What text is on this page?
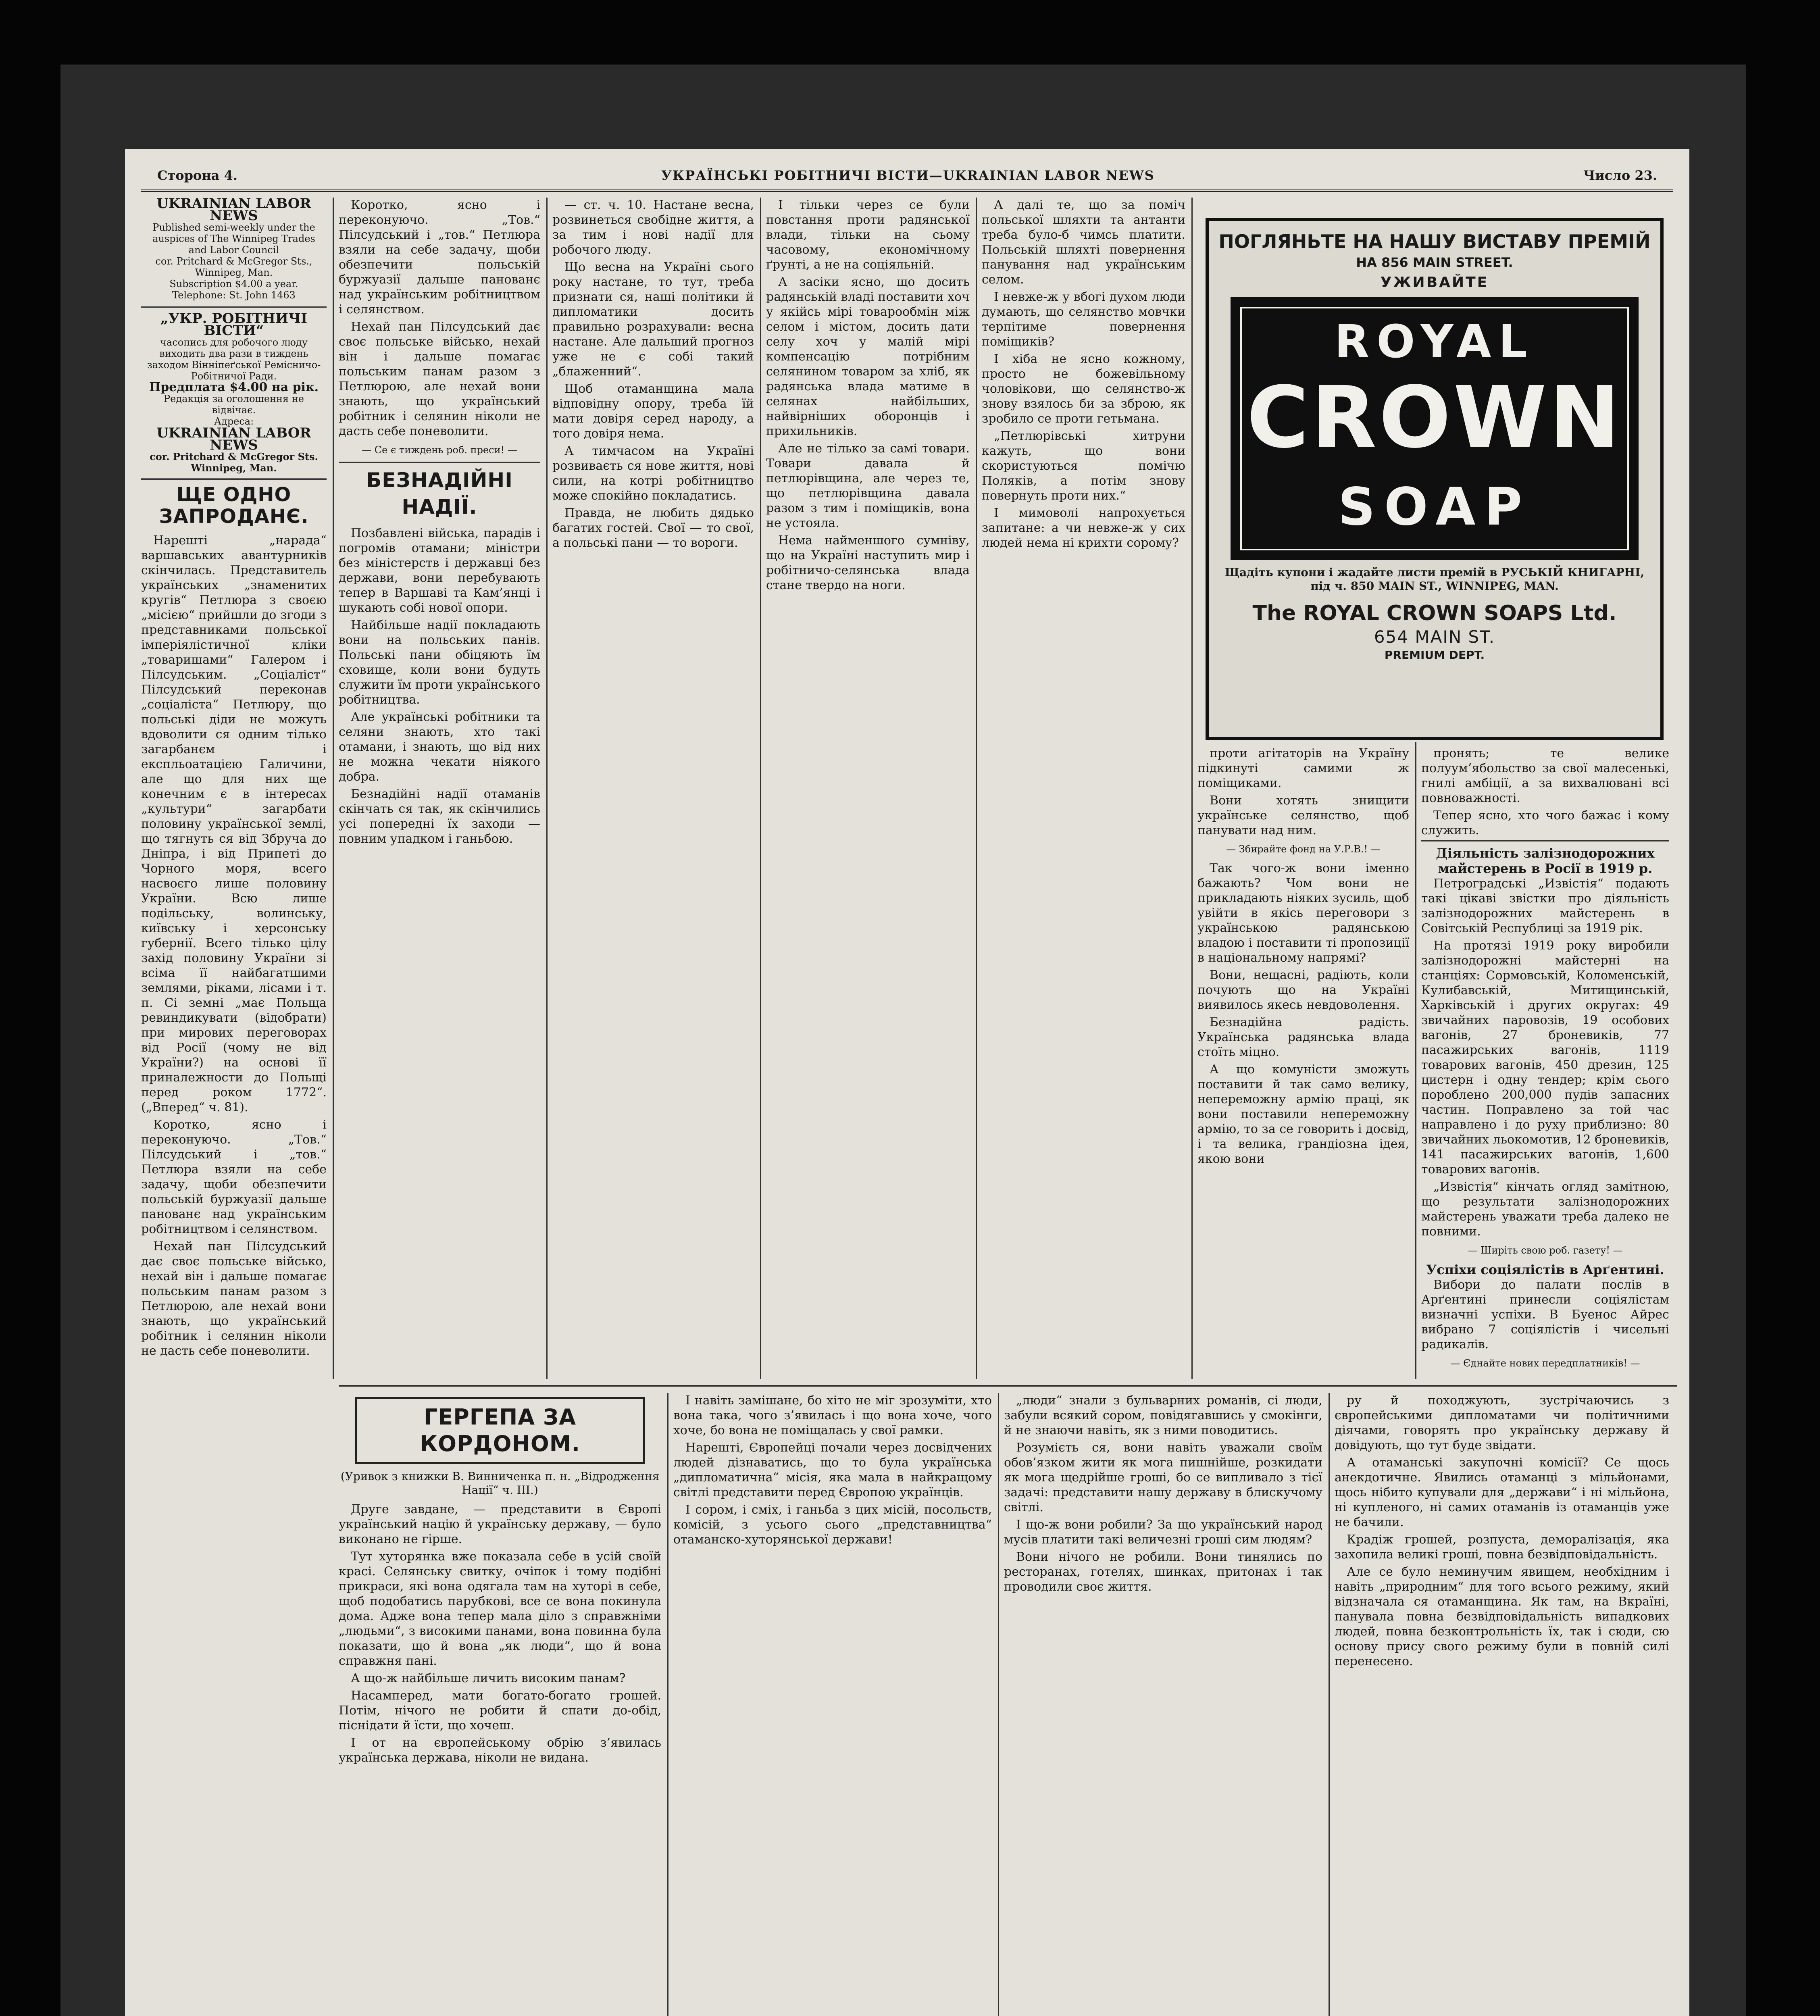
Сторона 4.	УКРАЇНСЬКІ РОБІТНИЧІ ВІСТИ—UKRAINIAN LABOR NEWS	Число 23.
UKRAINIAN LABOR NEWS
Published semi-weekly under the
auspices of The Winnipeg Trades
and Labor Council
cor. Pritchard & McGregor Sts.,
Winnipeg, Man.
Subscription $4.00 a year.
Telephone: St. John 1463
„УКР. РОБІТНИЧІ ВІСТИ“
часопись для робочого люду
виходить два рази в тиждень
заходом Вінніпеґської Ремісничо-
Робітничої Ради.
Предплата $4.00 на рік.
Редакція за оголошення не відвічає.
Адреса:
UKRAINIAN LABOR NEWS
cor. Pritchard & McGregor Sts.
Winnipeg, Man.
ЩЕ ОДНО ЗАПРОДАНЄ.

Нарешті „нарада“ варшавських авантурників скінчилась. Представитель українських „знаменитих кругів“ Петлюра з своєю „місією“ прийшли до згоди з представниками польської імперіялістичної кліки „товаришами“ Галером і Пілсудським. „Соціаліст“ Пілсудський переконав „соціаліста“ Петлюру, що польські діди не можуть вдоволити ся одним тілько загарбанєм і експльоатацією Галичини, але що для них ще конечним є в інтересах „культури“ загарбати половину української землі, що тягнуть ся від Збруча до Дніпра, і від Припеті до Чорного моря, всего насвоєго лише половину України. Всю лише подільську, волинську, київську і херсонську губернії. Всего тілько цілу захід половину України зі всіма її найбагатшими землями, ріками, лісами і т. п. Сі земні „має Польща ревиндикувати (відобрати) при мирових переговорах від Росії (чому не від України?) на основі її приналежности до Польщі перед роком 1772“. („Вперед“ ч. 81).

Коротко, ясно і переконуючо. „Тов.“ Пілсудський і „тов.“ Петлюра взяли на себе задачу, щоби обезпечити польській буржуазії дальше панованє над українським робітництвом і селянством.

Нехай пан Пілсудський дає своє польське військо, нехай він і дальше помагає польським панам разом з Петлюрою, але нехай вони знають, що український робітник і селянин ніколи не дасть себе поневолити.

Коротко, ясно і переконуючо. „Тов.“ Пілсудський і „тов.“ Петлюра взяли на себе задачу, щоби обезпечити польській буржуазії дальше панованє над українським робітництвом і селянством.

Нехай пан Пілсудський дає своє польське військо, нехай він і дальше помагає польським панам разом з Петлюрою, але нехай вони знають, що український робітник і селянин ніколи не дасть себе поневолити.

— Се є тиждень роб. преси! —
БЕЗНАДІЙНІ НАДІЇ.

Позбавлені війська, парадів і погромів отамани; міністри без міністерств і державці без держави, вони перебувають тепер в Варшаві та Кам’янці і шукають собі нової опори.

Найбільше надії покладають вони на польських панів. Польські пани обіцяють їм сховище, коли вони будуть служити їм проти українського робітництва.

Але українські робітники та селяни знають, хто такі отамани, і знають, що від них не можна чекати ніякого добра.

Безнадійні надії отаманів скінчать ся так, як скінчились усі попередні їх заходи — повним упадком і ганьбою.

— ст. ч. 10. Настане весна, розвинеться свобідне життя, а за тим і нові надії для робочого люду.

Що весна на Україні сього року настане, то тут, треба признати ся, наші політики й дипломатики досить правильно розрахували: весна настане. Але дальший прогноз уже не є собі такий „блаженний“.

Щоб отаманщина мала відповідну опору, треба їй мати довіря серед народу, а того довіря нема.

А тимчасом на Україні розвиваєть ся нове життя, нові сили, на котрі робітництво може спокійно покладатись.

Правда, не любить дядько багатих гостей. Свої — то свої, а польські пани — то вороги.

І тільки через се були повстання проти радянської влади, тільки на сьому часовому, економічному ґрунті, а не на соціяльній.

А засіки ясно, що досить радянській владі поставити хоч у якійсь мірі товарообмін між селом і містом, досить дати селу хоч у малій мірі компенсацію потрібним селянином товаром за хліб, як радянська влада матиме в селянах найбільших, найвірніших оборонців і прихильників.

Але не тілько за самі товари. Товари давала й петлюрівщина, але через те, що петлюрівщина давала разом з тим і поміщиків, вона не устояла.

Нема найменшого сумніву, що на Україні наступить мир і робітничо-селянська влада стане твердо на ноги.

А далі те, що за поміч польської шляхти та антанти треба було-б чимсь платити. Польській шляхті повернення панування над українським селом.

І невже-ж у вбогі духом люди думають, що селянство мовчки терпітиме повернення поміщиків?

І хіба не ясно кожному, просто не божевільному чоловікови, що селянство-ж знову взялось би за зброю, як зробило се проти гетьмана.

„Петлюрівські хитруни кажуть, що вони скористуються помічю Поляків, а потім знову повернуть проти них.“

І мимоволі напрохується запитане: а чи невже-ж у сих людей нема ні крихти сорому?

ПОГЛЯНЬТЕ НА НАШУ ВИСТАВУ ПРЕМІЙ
НА 856 MAIN STREET.
УЖИВАЙТЕ
ROYAL
CROWN
SOAP
Щадіть купони і жадайте листи премій в РУСЬКІЙ КНИГАРНІ, під ч. 850 MAIN ST., WINNIPEG, MAN.
The ROYAL CROWN SOAPS Ltd.
654 MAIN ST.
PREMIUM DEPT.

проти агітаторів на Україну підкинуті самими ж поміщиками.

Вони хотять знищити українське селянство, щоб панувати над ним.

— Збирайте фонд на У.Р.В.! —

Так чого-ж вони іменно бажають? Чом вони не прикладають ніяких зусиль, щоб увійти в якісь переговори з українською радянською владою і поставити ті пропозиції в національному напрямі?

Вони, нещасні, радіють, коли почують що на Україні виявилось якесь невдоволення.

Безнадійна радість. Українська радянська влада стоїть міцно.

А що комуністи зможуть поставити й так само велику, непереможну армію праці, як вони поставили непереможну армію, то за се говорить і досвід, і та велика, грандіозна ідея, якою вони

пронять; те велике полуум’ябольство за свої малесенькі, гнилі амбіції, а за вихвалювані всі повноважності.

Тепер ясно, хто чого бажає і кому служить.

Діяльність залізнодорожних майстерень в Росії в 1919 р.

Петроградські „Извістія“ подають такі цікаві звістки про діяльність залізнодорожних майстерень в Совітській Республиці за 1919 рік.

На протязі 1919 року виробили залізнодорожні майстерні на станціях: Сормовській, Коломенській, Кулибавській, Митищинській, Харківській і других округах: 49 звичайних паровозів, 19 особових вагонів, 27 броневиків, 77 пасажирських вагонів, 1119 товарових вагонів, 450 дрезин, 125 цистерн і одну тендер; крім сього пороблено 200,000 пудів запасних частин. Поправлено за той час направлено і до руху приблизно: 80 звичайних льокомотив, 12 броневиків, 141 пасажирських вагонів, 1,600 товарових вагонів.

„Извістія“ кінчать огляд замітною, що результати залізнодорожних майстерень уважати треба далеко не повними.

— Ширіть свою роб. газету! —
Успіхи соціялістів в Арґентині.

Вибори до палати послів в Арґентині принесли соціялістам визначні успіхи. В Буенос Айрес вибрано 7 соціялістів і чисельні радикалів.

— Єднайте нових передплатників! —
ГЕРГЕПА ЗА КОРДОНОМ.
(Уривок з книжки В. Винниченка п. н. „Відродження Нації“ ч. III.)

Друге завдане, — представити в Європі український націю й українську державу, — було виконано не гірше.

Тут хуторянка вже показала себе в усій своїй красі. Селянську свитку, очіпок і тому подібні прикраси, які вона одягала там на хуторі в себе, щоб подобатись парубкові, все се вона покинула дома. Адже вона тепер мала діло з справжніми „людьми“, з високими панами, вона повинна була показати, що й вона „як люди“, що й вона справжня пані.

А що-ж найбільше личить високим панам?

Насамперед, мати богато-богато грошей. Потім, нічого не робити й спати до-обід, піснідати й їсти, що хочеш.

І от на європейському обрію з’явилась українська держава, ніколи не видана.

І навіть замішане, бо хіто не міг зрозуміти, хто вона така, чого з’явилась і що вона хоче, чого хоче, бо вона не поміщалась у свої рамки.

Нарешті, Європейці почали через досвідчених людей дізнаватись, що то була українська „дипломатична“ місія, яка мала в найкращому світлі представити перед Європою українців.

І сором, і сміх, і ганьба з цих місій, посольств, комісій, з усього сього „представництва“ отаманско-хуторянської держави!

„люди“ знали з бульварних романів, сі люди, забули всякий сором, повідягавшись у смокінги, й не знаючи навіть, як з ними поводитись.

Розумієть ся, вони навіть уважали своїм обов’язком жити як мога пишнійше, розкидати як мога щедрійше гроші, бо се випливало з тієї задачі: представити нашу державу в блискучому світлі.

І що-ж вони робили? За що український народ мусів платити такі величезні гроші сим людям?

Вони нічого не робили. Вони тинялись по ресторанах, готелях, шинках, притонах і так проводили своє життя.

ру й походжують, зустрічаючись з європейськими дипломатами чи політичними діячами, говорять про українську державу й довідують, що тут буде звідати.

А отаманські закупочні комісії? Се щось анекдотичне. Явились отаманці з мільйонами, щось нібито купували для „держави“ і ні мільйона, ні купленого, ні самих отаманів із отаманців уже не бачили.

Крадіж грошей, розпуста, деморалізація, яка захопила великі гроші, повна безвідповідальність.

Але се було неминучим явищем, необхідним і навіть „природним“ для того всього режиму, який відзначала ся отаманщина. Як там, на Вкраїні, панувала повна безвідповідальність випадкових людей, повна безконтрольність їх, так і сюди, сю основу прису свого режиму були в повній силі перенесено.
